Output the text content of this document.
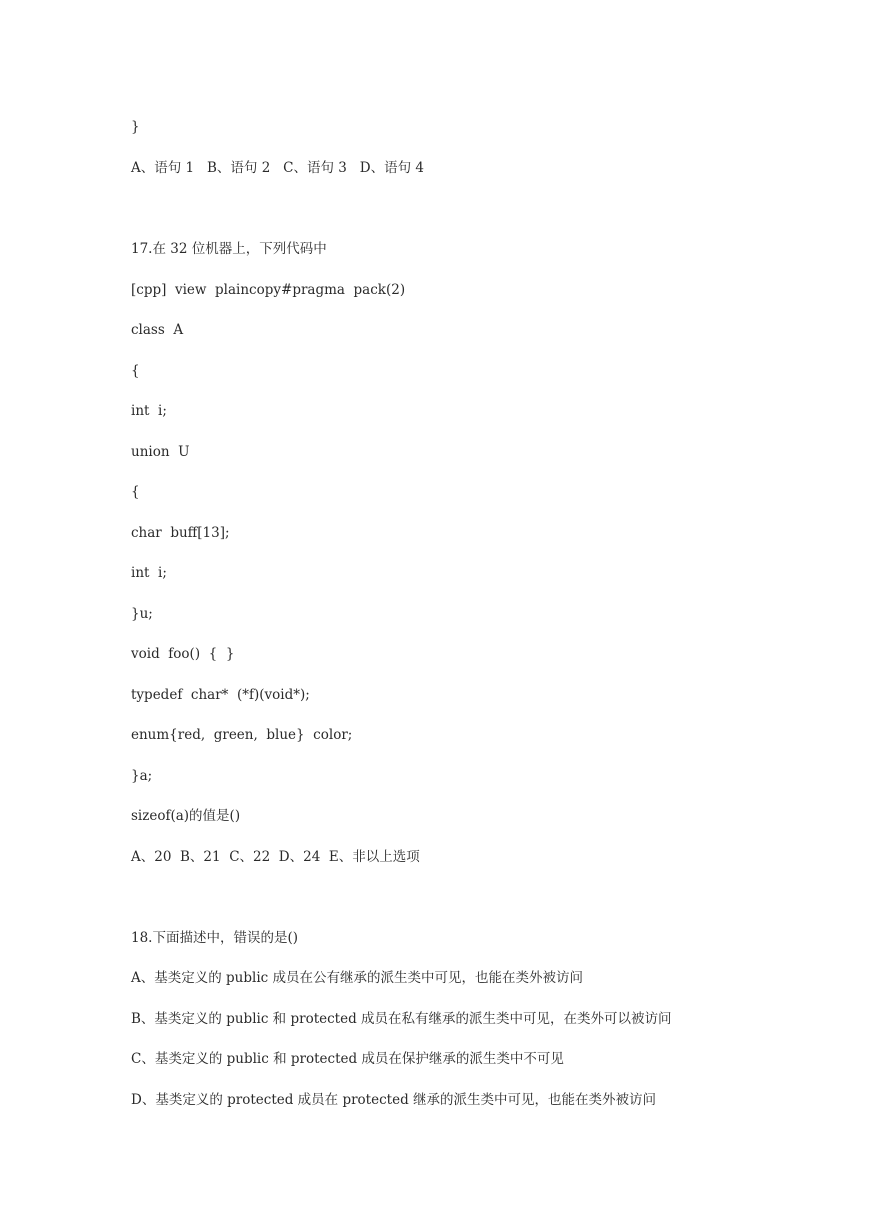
}
A、语句 1   B、语句 2   C、语句 3   D、语句 4
17.在 32 位机器上，下列代码中
[cpp]  view  plaincopy#pragma  pack(2)
class  A
{
int  i;
union  U
{
char  buff[13];
int  i;
}u;
void  foo()  {  }
typedef  char*  (*f)(void*);
enum{red,  green,  blue}  color;
}a;
sizeof(a)的值是()
A、20  B、21  C、22  D、24  E、非以上选项
18.下面描述中，错误的是()
A、基类定义的 public 成员在公有继承的派生类中可见，也能在类外被访问
B、基类定义的 public 和 protected 成员在私有继承的派生类中可见，在类外可以被访问
C、基类定义的 public 和 protected 成员在保护继承的派生类中不可见
D、基类定义的 protected 成员在 protected 继承的派生类中可见，也能在类外被访问
